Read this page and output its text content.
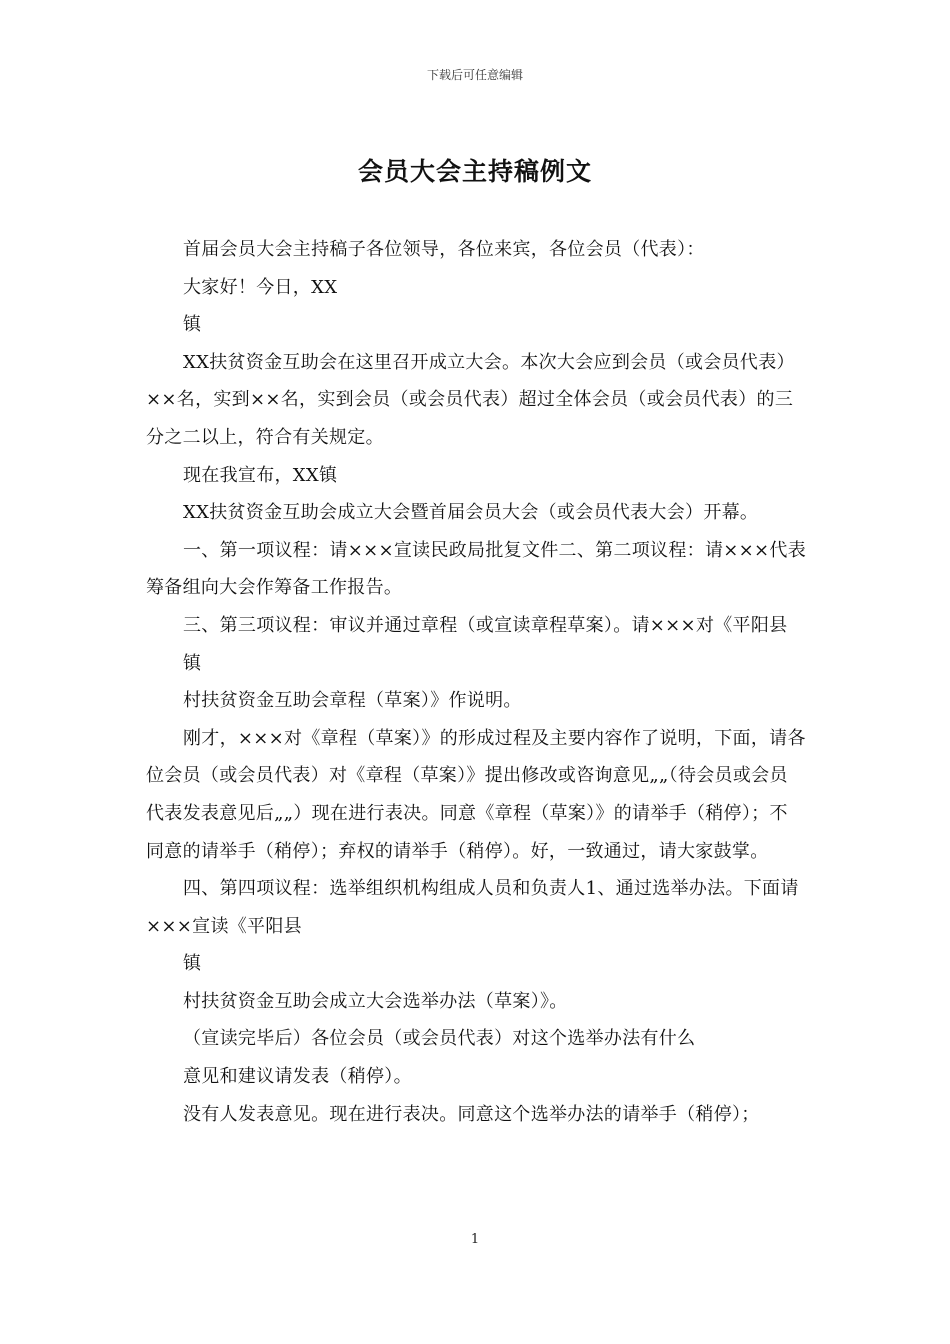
下载后可任意编辑
会员大会主持稿例文

首届会员大会主持稿子各位领导，各位来宾，各位会员（代表）：

大家好！今日，XX

镇

XX扶贫资金互助会在这里召开成立大会。本次大会应到会员（或会员代表）××名，实到××名，实到会员（或会员代表）超过全体会员（或会员代表）的三分之二以上，符合有关规定。

现在我宣布，XX镇

XX扶贫资金互助会成立大会暨首届会员大会（或会员代表大会）开幕。

一、第一项议程：请×××宣读民政局批复文件二、第二项议程：请×××代表筹备组向大会作筹备工作报告。

三、第三项议程：审议并通过章程（或宣读章程草案）。请×××对《平阳县

镇

村扶贫资金互助会章程（草案）》作说明。

刚才，×××对《章程（草案）》的形成过程及主要内容作了说明，下面，请各位会员（或会员代表）对《章程（草案）》提出修改或咨询意见„„（待会员或会员代表发表意见后„„）现在进行表决。同意《章程（草案）》的请举手（稍停）；不同意的请举手（稍停）；弃权的请举手（稍停）。好，一致通过，请大家鼓掌。

四、第四项议程：选举组织机构组成人员和负责人1、通过选举办法。下面请×××宣读《平阳县

镇

村扶贫资金互助会成立大会选举办法（草案）》。

（宣读完毕后）各位会员（或会员代表）对这个选举办法有什么

意见和建议请发表（稍停）。

没有人发表意见。现在进行表决。同意这个选举办法的请举手（稍停）；

1
